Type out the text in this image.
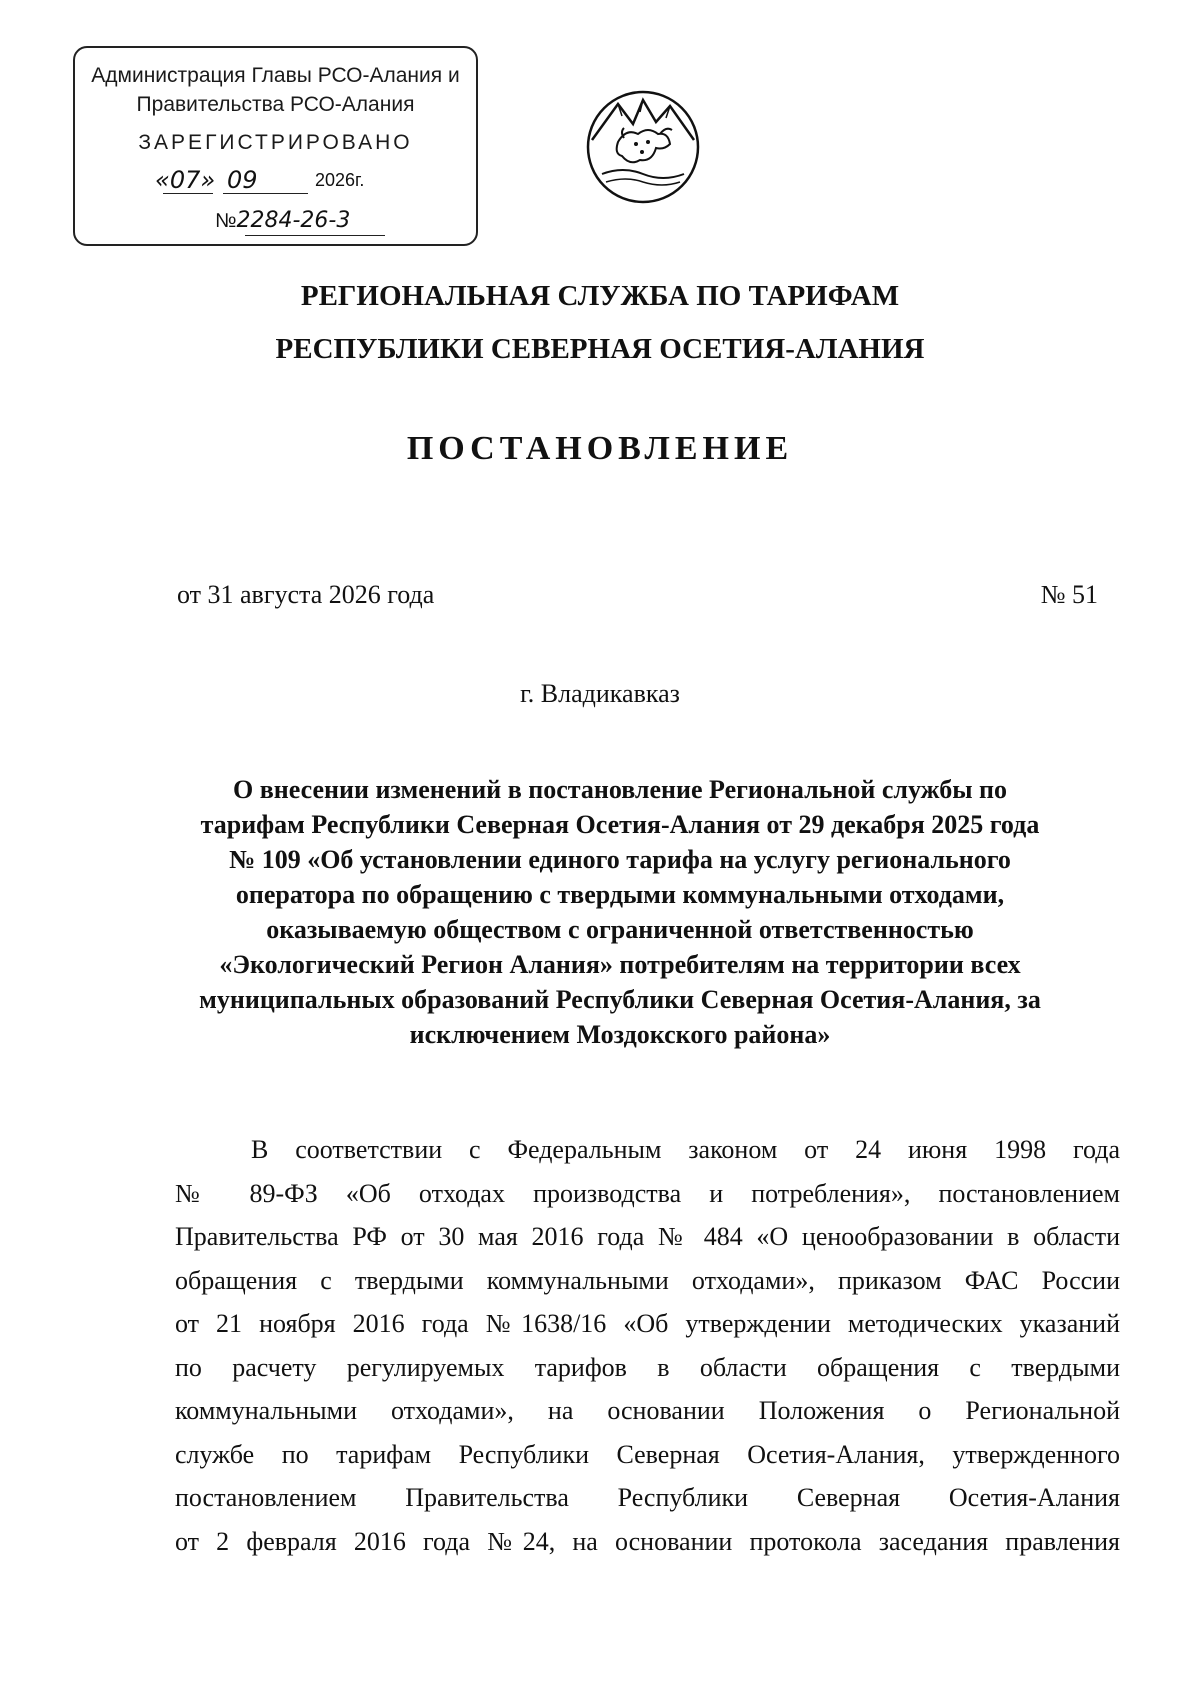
Администрация Главы РСО-Алания и
Правительства РСО-Алания
ЗАРЕГИСТРИРОВАНО
«07» 09	2026г.
№2284-26-3
РЕГИОНАЛЬНАЯ СЛУЖБА ПО ТАРИФАМ
РЕСПУБЛИКИ СЕВЕРНАЯ ОСЕТИЯ-АЛАНИЯ
ПОСТАНОВЛЕНИЕ
от 31 августа 2026 года	№ 51
г. Владикавказ
О внесении изменений в постановление Региональной службы по
тарифам Республики Северная Осетия-Алания от 29 декабря 2025 года
№ 109 «Об установлении единого тарифа на услугу регионального
оператора по обращению с твердыми коммунальными отходами,
оказываемую обществом с ограниченной ответственностью
«Экологический Регион Алания» потребителям на территории всех
муниципальных образований Республики Северная Осетия-Алания, за
исключением Моздокского района»
В соответствии с Федеральным законом от 24 июня 1998 года
№ 89-ФЗ «Об отходах производства и потребления», постановлением
Правительства РФ от 30 мая 2016 года № 484 «О ценообразовании в области
обращения с твердыми коммунальными отходами», приказом ФАС России
от 21 ноября 2016 года №1638/16 «Об утверждении методических указаний
по расчету регулируемых тарифов в области обращения с твердыми
коммунальными отходами», на основании Положения о Региональной
службе по тарифам Республики Северная Осетия-Алания, утвержденного
постановлением Правительства Республики Северная Осетия-Алания
от 2 февраля 2016 года №24, на основании протокола заседания правления
